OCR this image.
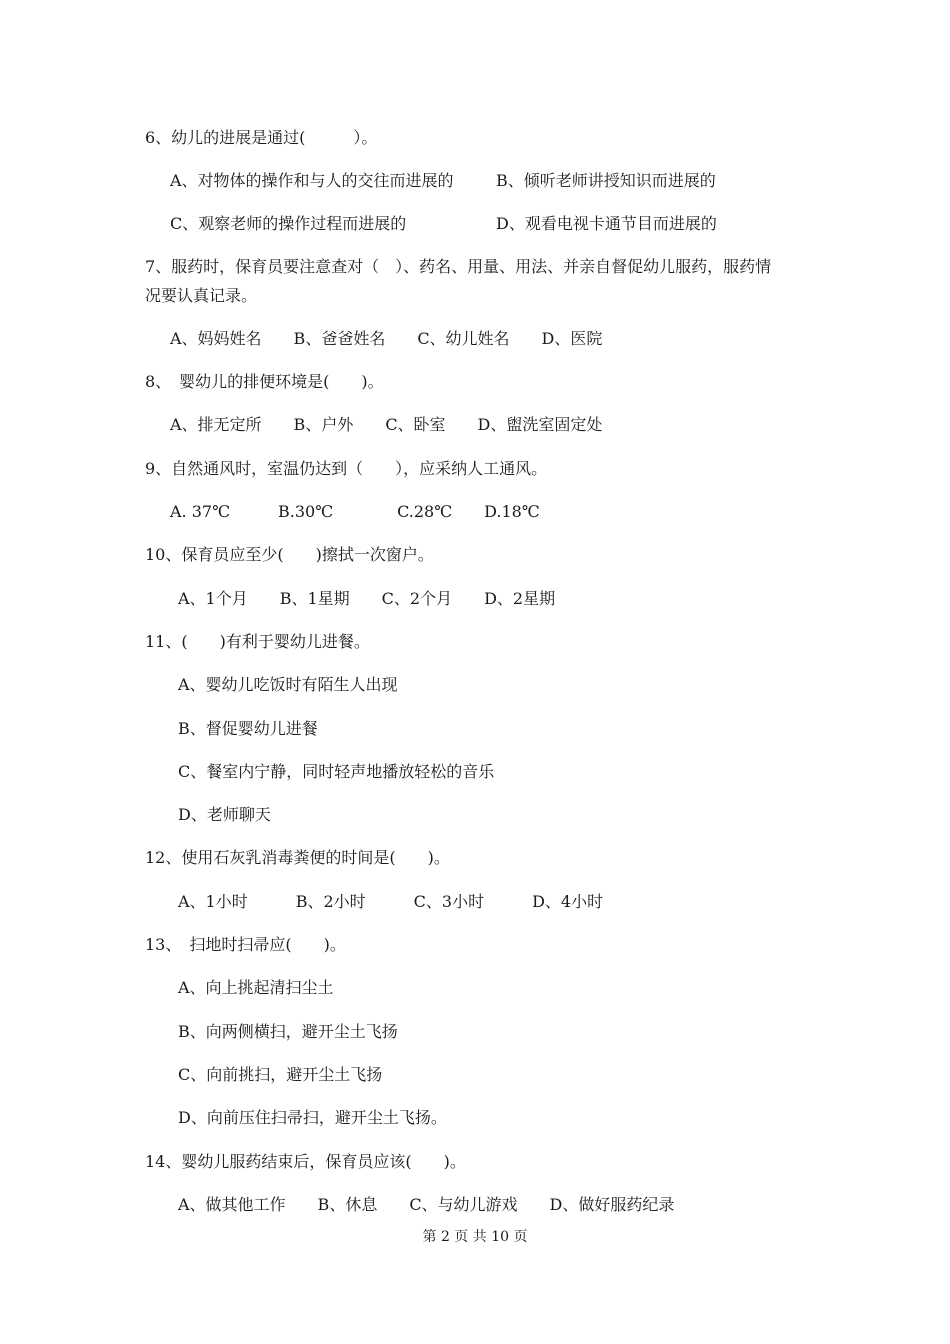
6、幼儿的进展是通过(　　　）。
A、对物体的操作和与人的交往而进展的	B、倾听老师讲授知识而进展的
C、观察老师的操作过程而进展的	D、观看电视卡通节目而进展的
7、服药时，保育员要注意查对（　）、药名、用量、用法、并亲自督促幼儿服药，服药情
况要认真记录。
A、妈妈姓名　　B、爸爸姓名　　C、幼儿姓名　　D、医院
8、　婴幼儿的排便环境是(　　)。
A、排无定所　　B、户外　　C、卧室　　D、盥洗室固定处
9、自然通风时，室温仍达到（　　），应采纳人工通风。
A. 37℃　　　B.30℃　　　　C.28℃　　D.18℃
10、保育员应至少(　　)擦拭一次窗户。
A、1个月　　B、1星期　　C、2个月　　D、2星期
11、(　　)有利于婴幼儿进餐。
A、婴幼儿吃饭时有陌生人出现
B、督促婴幼儿进餐
C、餐室内宁静，同时轻声地播放轻松的音乐
D、老师聊天
12、使用石灰乳消毒粪便的时间是(　　)。
A、1小时　　　B、2小时　　　C、3小时　　　D、4小时
13、　扫地时扫帚应(　　)。
A、向上挑起清扫尘土
B、向两侧横扫，避开尘土飞扬
C、向前挑扫，避开尘土飞扬
D、向前压住扫帚扫，避开尘土飞扬。
14、婴幼儿服药结束后，保育员应该(　　)。
A、做其他工作　　B、休息　　C、与幼儿游戏　　D、做好服药纪录
第 2 页 共 10 页
